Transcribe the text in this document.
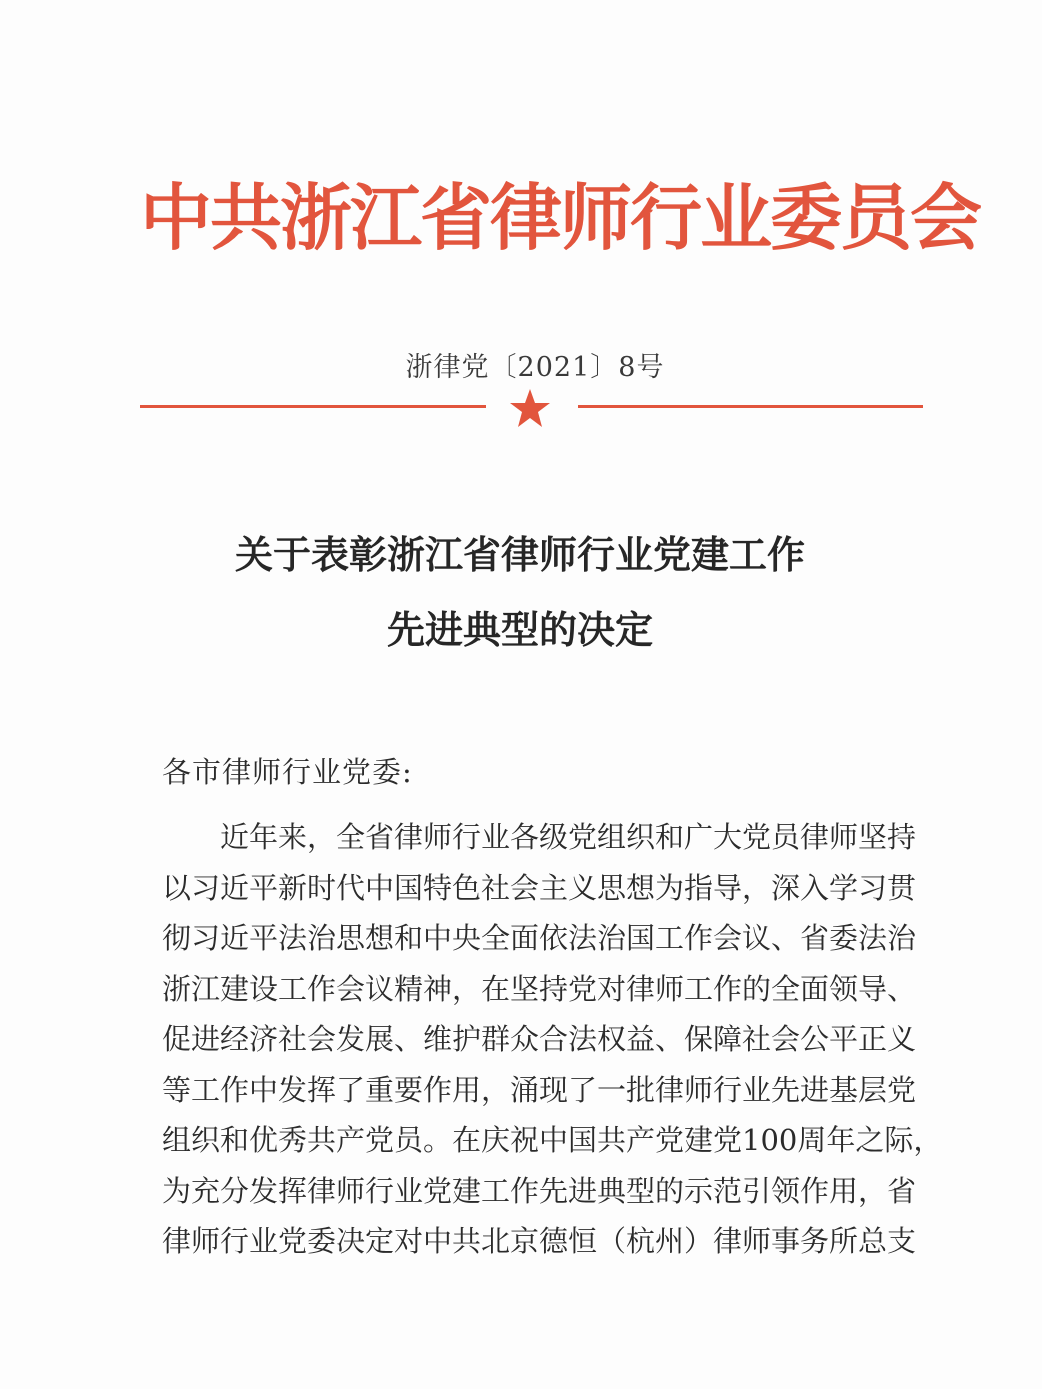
中共浙江省律师行业委员会
浙律党〔2021〕8号
关于表彰浙江省律师行业党建工作
先进典型的决定
各市律师行业党委:
近年来，全省律师行业各级党组织和广大党员律师坚持
以习近平新时代中国特色社会主义思想为指导，深入学习贯
彻习近平法治思想和中央全面依法治国工作会议、省委法治
浙江建设工作会议精神，在坚持党对律师工作的全面领导、
促进经济社会发展、维护群众合法权益、保障社会公平正义
等工作中发挥了重要作用，涌现了一批律师行业先进基层党
组织和优秀共产党员。在庆祝中国共产党建党100周年之际，
为充分发挥律师行业党建工作先进典型的示范引领作用，省
律师行业党委决定对中共北京德恒（杭州）律师事务所总支
